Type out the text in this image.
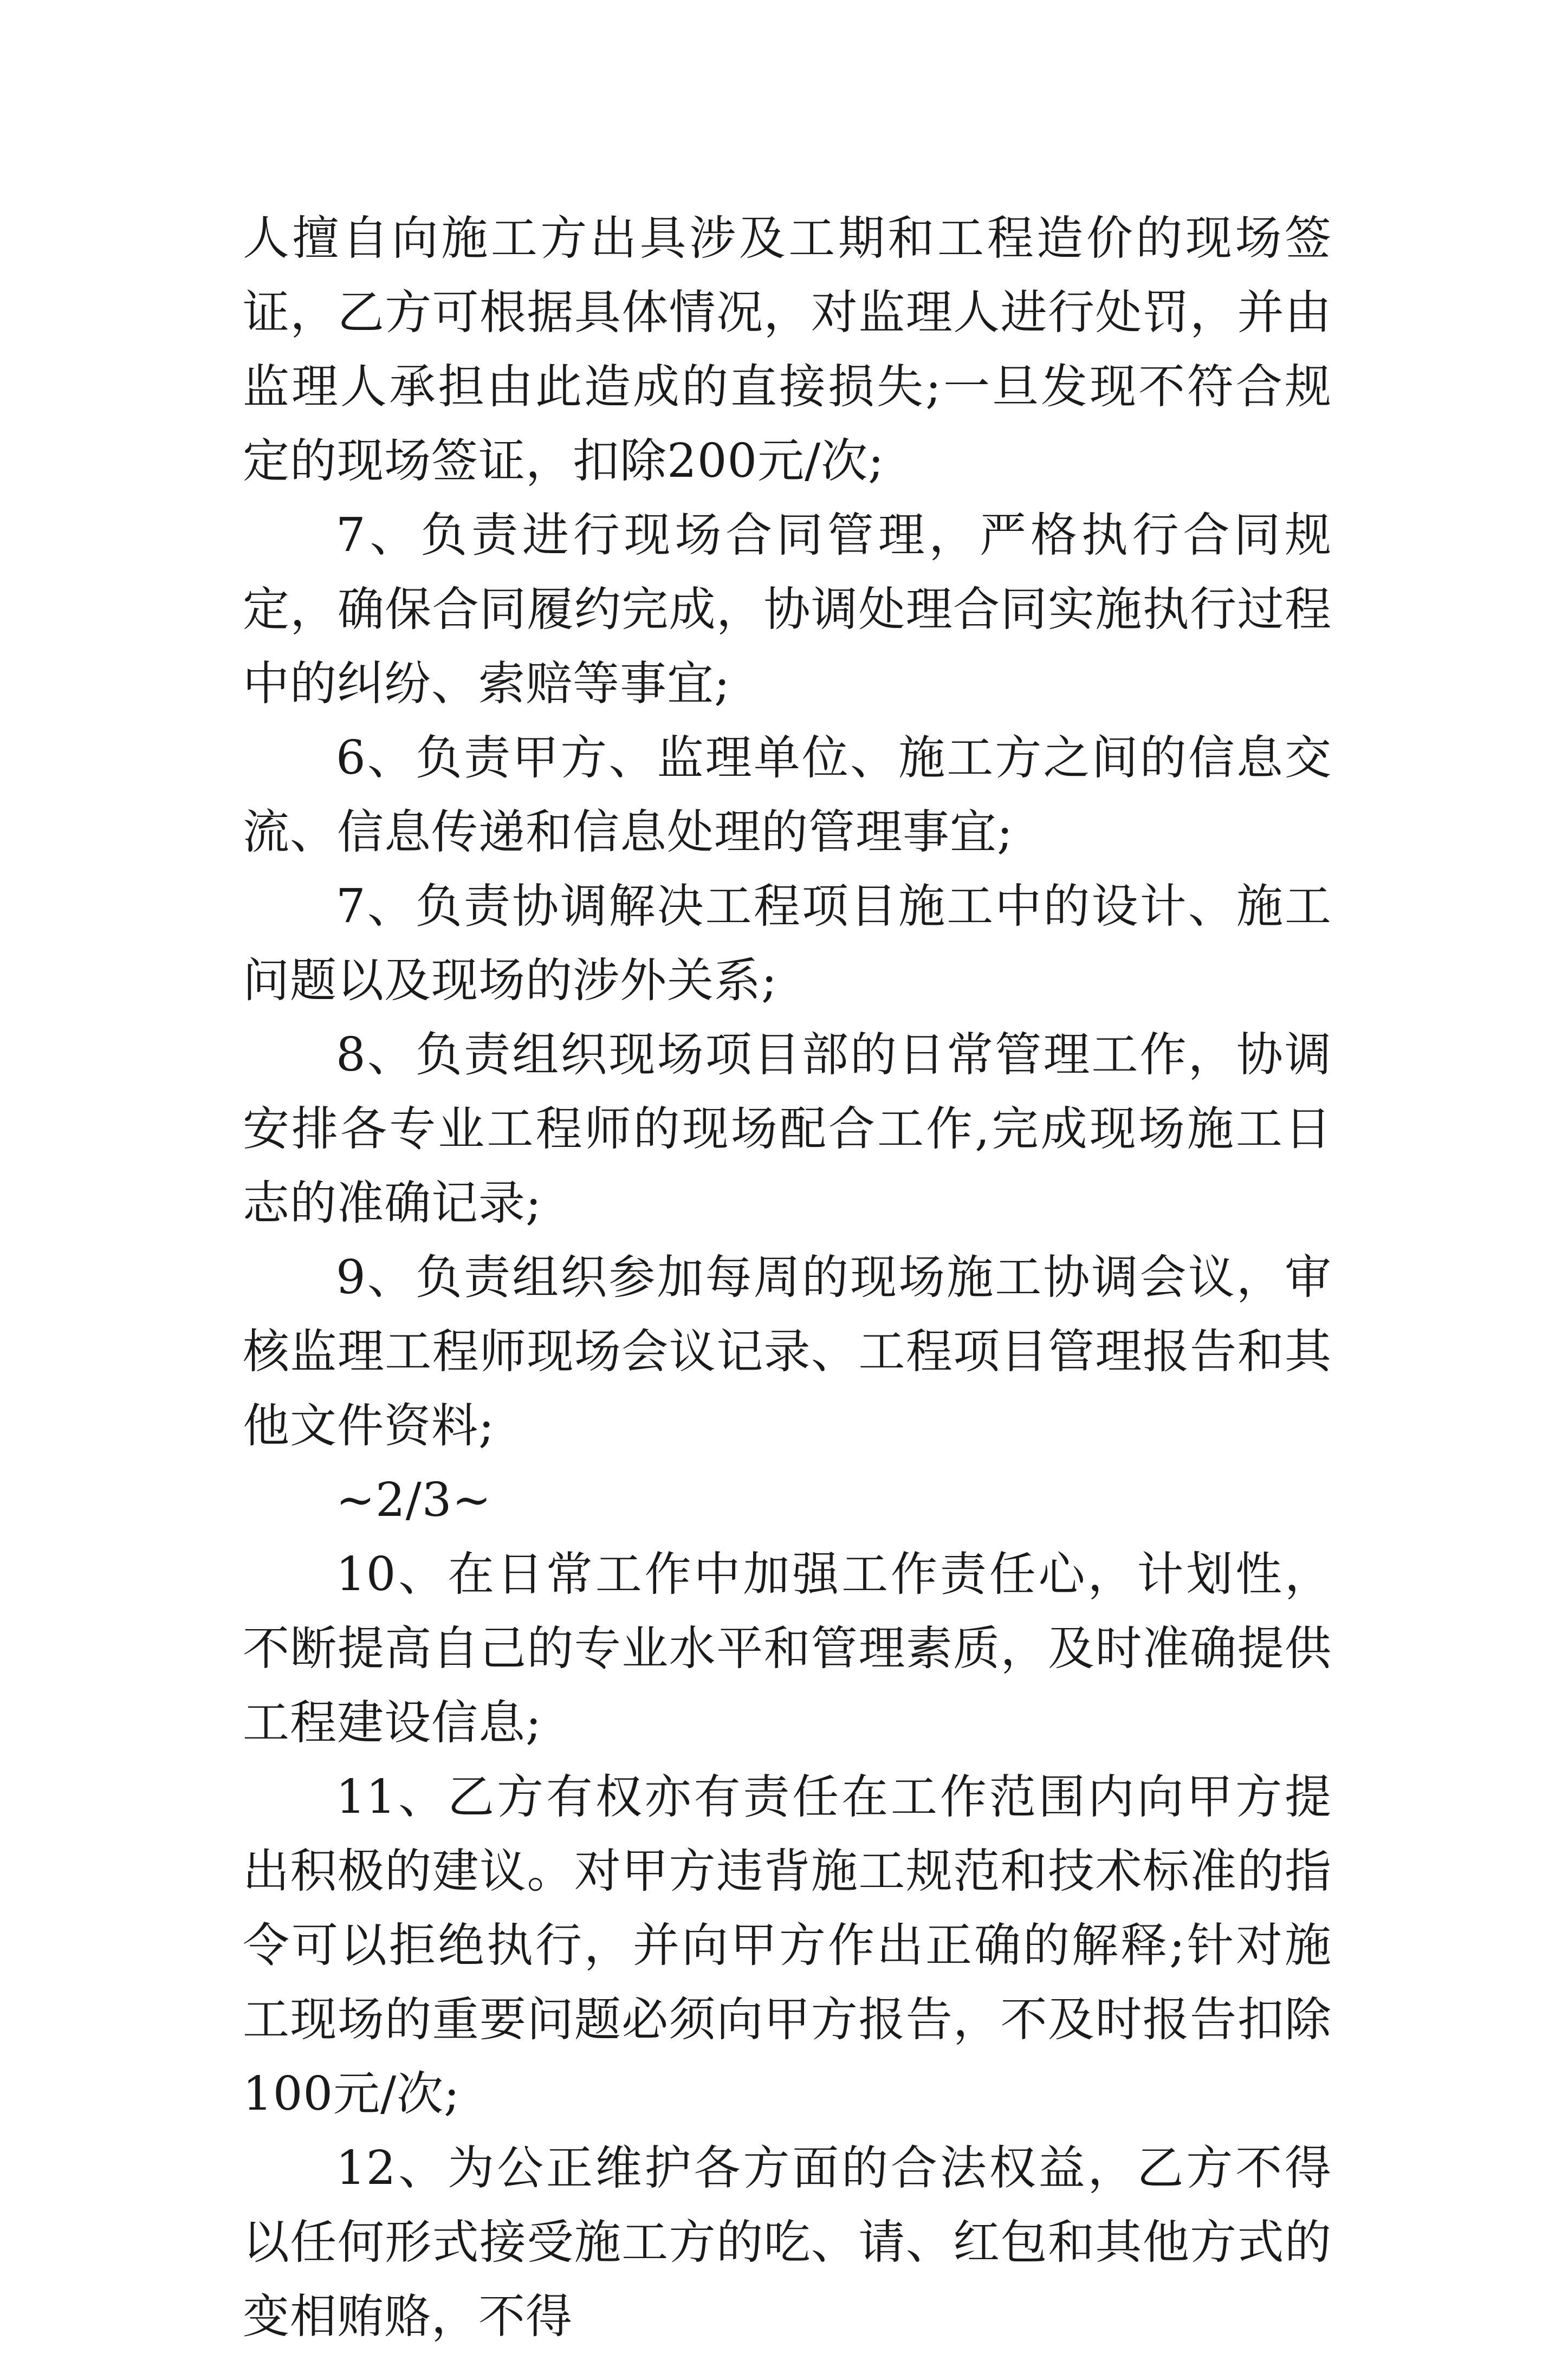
人擅自向施工方出具涉及工期和工程造价的现场签证，乙方可根据具体情况，对监理人进行处罚，并由监理人承担由此造成的直接损失;一旦发现不符合规定的现场签证，扣除200元/次;

7、负责进行现场合同管理，严格执行合同规定，确保合同履约完成，协调处理合同实施执行过程中的纠纷、索赔等事宜;

6、负责甲方、监理单位、施工方之间的信息交流、信息传递和信息处理的管理事宜;

7、负责协调解决工程项目施工中的设计、施工问题以及现场的涉外关系;

8、负责组织现场项目部的日常管理工作，协调安排各专业工程师的现场配合工作,完成现场施工日志的准确记录;

9、负责组织参加每周的现场施工协调会议，审核监理工程师现场会议记录、工程项目管理报告和其他文件资料;

~2/3~

10、在日常工作中加强工作责任心，计划性，不断提高自己的专业水平和管理素质，及时准确提供工程建设信息;

11、乙方有权亦有责任在工作范围内向甲方提出积极的建议。对甲方违背施工规范和技术标准的指令可以拒绝执行，并向甲方作出正确的解释;针对施工现场的重要问题必须向甲方报告，不及时报告扣除100元/次;

12、为公正维护各方面的合法权益，乙方不得以任何形式接受施工方的吃、请、红包和其他方式的变相贿赂，不得
